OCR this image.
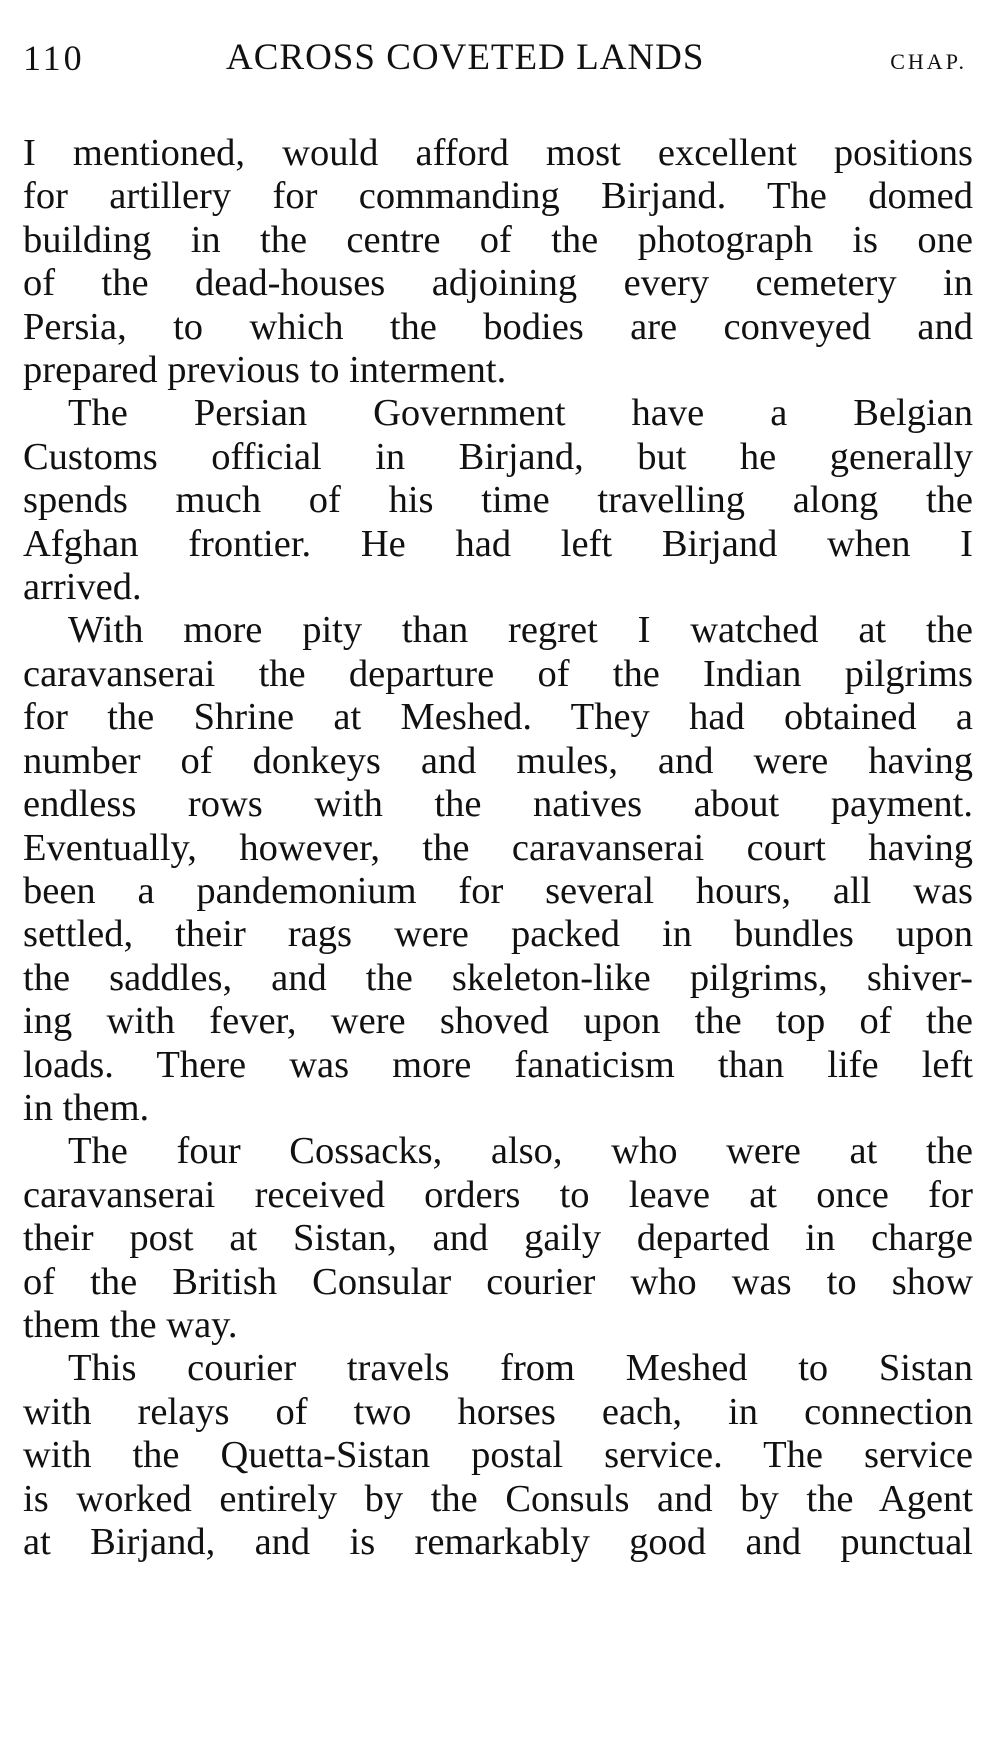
110	ACROSS COVETED LANDS	CHAP.

I mentioned, would afford most excellent positions
for artillery for commanding Birjand. The domed
building in the centre of the photograph is one
of the dead-houses adjoining every cemetery in
Persia, to which the bodies are conveyed and
prepared previous to interment.

The Persian Government have a Belgian
Customs official in Birjand, but he generally
spends much of his time travelling along the
Afghan frontier. He had left Birjand when I
arrived.

With more pity than regret I watched at the
caravanserai the departure of the Indian pilgrims
for the Shrine at Meshed. They had obtained a
number of donkeys and mules, and were having
endless rows with the natives about payment.
Eventually, however, the caravanserai court having
been a pandemonium for several hours, all was
settled, their rags were packed in bundles upon
the saddles, and the skeleton-like pilgrims, shiver-
ing with fever, were shoved upon the top of the
loads. There was more fanaticism than life left
in them.

The four Cossacks, also, who were at the
caravanserai received orders to leave at once for
their post at Sistan, and gaily departed in charge
of the British Consular courier who was to show
them the way.

This courier travels from Meshed to Sistan
with relays of two horses each, in connection
with the Quetta-Sistan postal service. The service
is worked entirely by the Consuls and by the Agent
at Birjand, and is remarkably good and punctual
